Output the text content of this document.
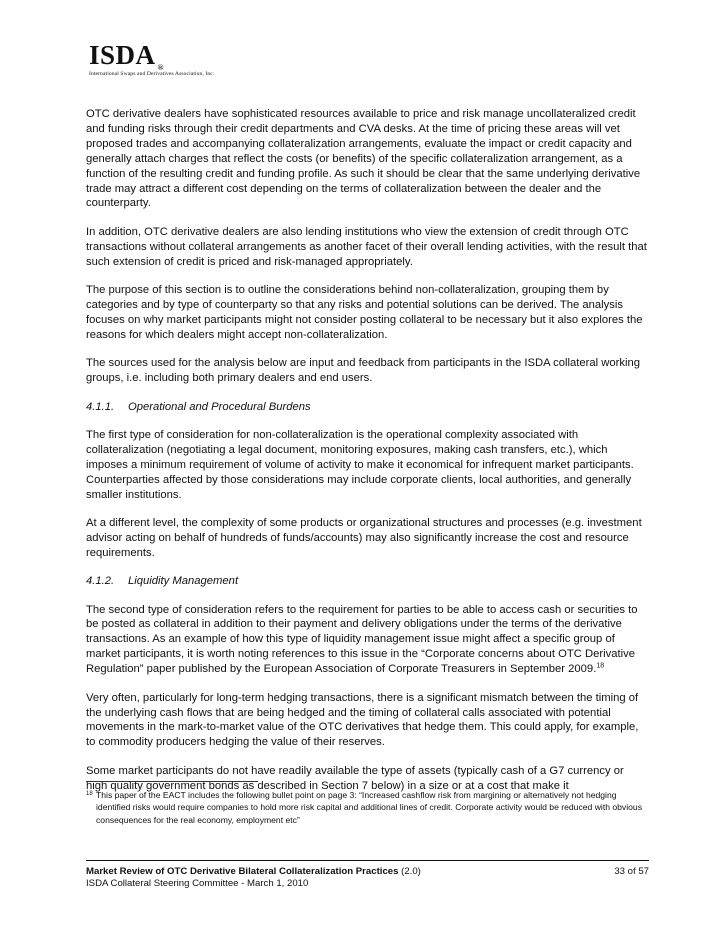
ISDA ®
International Swaps and Derivatives Association, Inc.

OTC derivative dealers have sophisticated resources available to price and risk manage uncollateralized credit and funding risks through their credit departments and CVA desks. At the time of pricing these areas will vet proposed trades and accompanying collateralization arrangements, evaluate the impact or credit capacity and generally attach charges that reflect the costs (or benefits) of the specific collateralization arrangement, as a function of the resulting credit and funding profile. As such it should be clear that the same underlying derivative trade may attract a different cost depending on the terms of collateralization between the dealer and the counterparty.

In addition, OTC derivative dealers are also lending institutions who view the extension of credit through OTC transactions without collateral arrangements as another facet of their overall lending activities, with the result that such extension of credit is priced and risk-managed appropriately.

The purpose of this section is to outline the considerations behind non-collateralization, grouping them by categories and by type of counterparty so that any risks and potential solutions can be derived. The analysis focuses on why market participants might not consider posting collateral to be necessary but it also explores the reasons for which dealers might accept non-collateralization.

The sources used for the analysis below are input and feedback from participants in the ISDA collateral working groups, i.e. including both primary dealers and end users.

4.1.1. Operational and Procedural Burdens

The first type of consideration for non-collateralization is the operational complexity associated with collateralization (negotiating a legal document, monitoring exposures, making cash transfers, etc.), which imposes a minimum requirement of volume of activity to make it economical for infrequent market participants. Counterparties affected by those considerations may include corporate clients, local authorities, and generally smaller institutions.

At a different level, the complexity of some products or organizational structures and processes (e.g. investment advisor acting on behalf of hundreds of funds/accounts) may also significantly increase the cost and resource requirements.

4.1.2. Liquidity Management

The second type of consideration refers to the requirement for parties to be able to access cash or securities to be posted as collateral in addition to their payment and delivery obligations under the terms of the derivative transactions. As an example of how this type of liquidity management issue might affect a specific group of market participants, it is worth noting references to this issue in the “Corporate concerns about OTC Derivative Regulation” paper published by the European Association of Corporate Treasurers in September 2009.18

Very often, particularly for long-term hedging transactions, there is a significant mismatch between the timing of the underlying cash flows that are being hedged and the timing of collateral calls associated with potential movements in the mark-to-market value of the OTC derivatives that hedge them. This could apply, for example, to commodity producers hedging the value of their reserves.

Some market participants do not have readily available the type of assets (typically cash of a G7 currency or high quality government bonds as described in Section 7 below) in a size or at a cost that make it

18 This paper of the EACT includes the following bullet point on page 3: “Increased cashflow risk from margining or alternatively not hedging identified risks would require companies to hold more risk capital and additional lines of credit. Corporate activity would be reduced with obvious consequences for the real economy, employment etc”
Market Review of OTC Derivative Bilateral Collateralization Practices (2.0)
ISDA Collateral Steering Committee - March 1, 2010
33 of 57
